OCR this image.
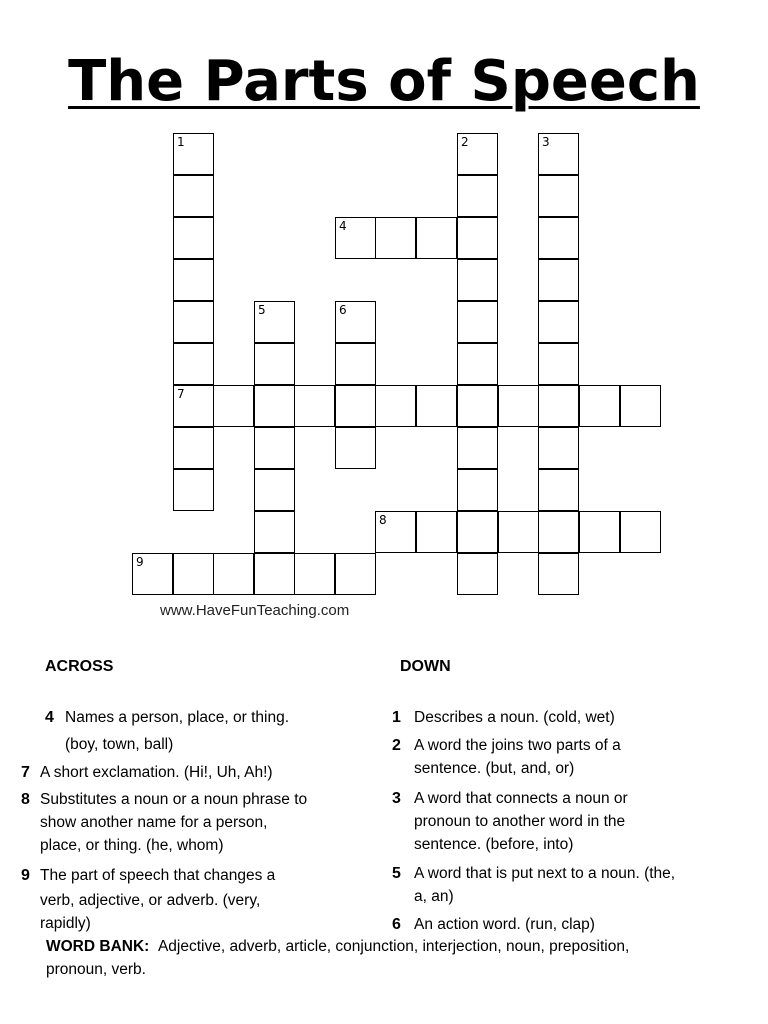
The Parts of Speech
1
7
2	3
4
5	6
8
9
www.HaveFunTeaching.com
ACROSS	DOWN
4 Names a person, place, or thing.
(boy, town, ball)
7 A short exclamation. (Hi!, Uh, Ah!)
8 Substitutes a noun or a noun phrase to
show another name for a person,
place, or thing. (he, whom)
9 The part of speech that changes a
verb, adjective, or adverb. (very,
rapidly)
1 Describes a noun. (cold, wet)
2 A word the joins two parts of a
sentence. (but, and, or)
3 A word that connects a noun or
pronoun to another word in the
sentence. (before, into)
5 A word that is put next to a noun. (the,
a, an)
6 An action word. (run, clap)
WORD BANK: Adjective, adverb, article, conjunction, interjection, noun, preposition, pronoun, verb.
